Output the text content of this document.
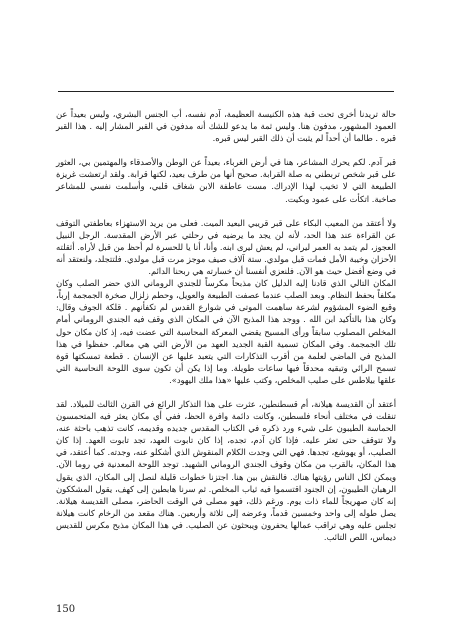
حالة تريدنا أخرى تحت قبة هذه الكنيسة العظيمة، آدم نفسه، أب الجنس البشري، وليس بعيداً عن العمود المشهور، مدفون هنا. وليس ثمة ما يدعو للشك أنه مدفون في القبر المشار إليه . هذا القبر قبره . طالما أن أحداً لم يثبت أن ذلك القبر ليس قبره.

قبر آدم. لكم يحرك المشاعر، هنا في أرض الغرباء، بعيداً عن الوطن والأصدقاء والمهتمين بي، العثور على قبر شخص تربطني به صلة القرابة. صحيح أنها من طرف بعيد، لكنها قرابة. ولقد ارتعشت غريزة الطبيعة التي لا تخيب لهذا الإدراك. مست عاطفة الابن شغاف قلبي، وأسلمت نفسي للمشاعر صاخبة. اتكأت على عمود وبكيت.

ولا أعتقد من المعيب البكاء على قبر قريبي البعيد الميت. فعلى من يريد الاستهزاء بعاطفتي التوقف عن القراءة عند هذا الحد، لأنه لن يجد ما يرضيه في رحلتي عبر الأرض المقدسة. الرجل النبيل العجوز، لم يتمد به العمر ليراني، لم يعش ليرى ابنه. وأنا، أنا يا للحسرة لم أحظ من قبل لأراه. أثقلته الأحزان وخيبة الأمل فمات قبل مولدي. ستة آلاف صيف موجز مرت قبل مولدي. فلتتجلد، ولنعتقد أنه في وضع أفضل حيث هو الآن. فلنعزي أنفسنا أن خسارته هي ربحنا الدائم.

المكان التالي الذي قادنا إليه الدليل كان مذبحاً مكرساً للجندي الروماني الذي حضر الصلب وكان مكلفاً بحفظ النظام. وبعد الصلب عندما عصفت الطبيعة والعويل، وحطم زلزال صخرة الجمجمة إرباً، وقبع الضوء المشؤوم لشرعة ساهمت الموتى في شوارع القدس لم تكفأنهم . قلكة الجوف وقال: وكان هذا بالتأكيد ابن الله . ووجد هذا المذبح الآن في المكان الذي وقف فيه الجندي الروماني أمام المخلص المصلوب سابقاً ورأى المسيح يقضي المعركة المحاسبة التي عضت فيه، إذ كان مكان حول تلك الجمجمة. وفي المكان تسمية القبة الجديد العهد من الأرض التي هي معالم. حفظوا في هذا المذبح في الماضي لعلمة من أقرب التذكارات التي يتعبد عليها عن الإنسان . قطعة تمسكتها قوة تسمح الرائي وتبقيه محدقاً فيها ساعات طويلة. وما إذا يكن أن تكون سوى اللوحة النحاسية التي علقها بيلاطس على صليب المخلص، وكتب عليها «هذا ملك اليهود».

أعتقد أن القديسة هيلانة، أم قسطنطين، عثرت على هذا التذكار الرائع في القرن الثالث للميلاد. لقد تنقلت في مختلف أنحاء فلسطين، وكانت دائمة وافرة الحظ، ففي أي مكان يعثر فيه المتحمسون الحماسة الطيبون على شيء ورد ذكره في الكتاب المقدس جديده وقديمه، كانت تذهب باحثة عنه، ولا تتوقف حتى تعثر عليه. فإذا كان آدم، تجده، إذا كان تابوت العهد، تجد تابوت العهد. إذا كان الصليب، أو يهوشع، تجدها. فهي التي وجدت الكلام المنقوش الذي أشكلو عنه، وجدته. كما أعتقد، في هذا المكان، بالقرب من مكان وقوف الجندي الروماني الشهيد. توجد اللوحة المعدنية في روما الآن. ويمكن لكل الناس رؤيتها هناك. فالنقش بين هنا. اجتزنا خطوات قليلة لنصل إلى المكان، الذي يقول الرهبان الطيبون، إن الجنود اقتسموا فيه ثياب المخلص. ثم سرنا هابطين إلى كهف، يقول المشككون إنه كان صهريجاً للماء ذات يوم. ورغم ذلك، فهو مصلى في الوقت الحاضر، مصلى القديسة هيلانة. يصل طوله إلى واحد وخمسين قدماً، وعرضه إلى ثلاثة وأربعين. هناك مقعد من الرخام كانت هيلانة تجلس عليه وهي تراقب عمالها يحفرون ويبحثون عن الصليب. في هذا المكان مذبح مكرس للقديس ديماس، اللص التائب.

150
